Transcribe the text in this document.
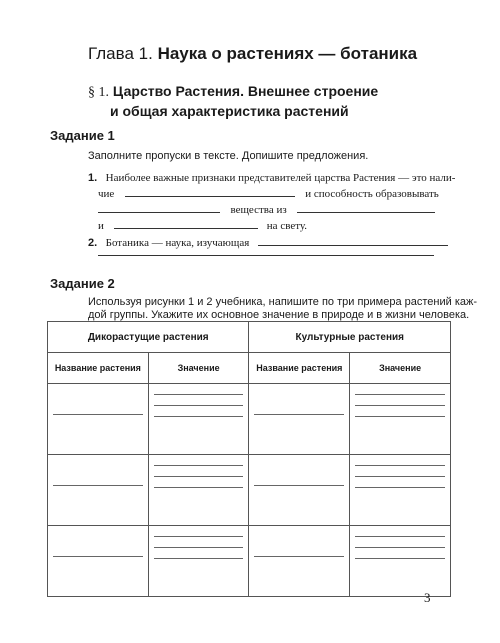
Глава 1. Наука о растениях — ботаника
§ 1. Царство Растения. Внешнее строение
и общая характеристика растений
Задание 1
Заполните пропуски в тексте. Допишите предложения.
1. Наиболее важные признаки представителей царства Растения — это нали-
чие	и способность образовывать
вещества из
и	на свету.
2. Ботаника — наука, изучающая
Задание 2
Используя рисунки 1 и 2 учебника, напишите по три примера растений каж-
дой группы. Укажите их основное значение в природе и в жизни человека.
Дикорастущие растения		Культурные растения	
Название растения	Значение	Название растения	Значение

3
